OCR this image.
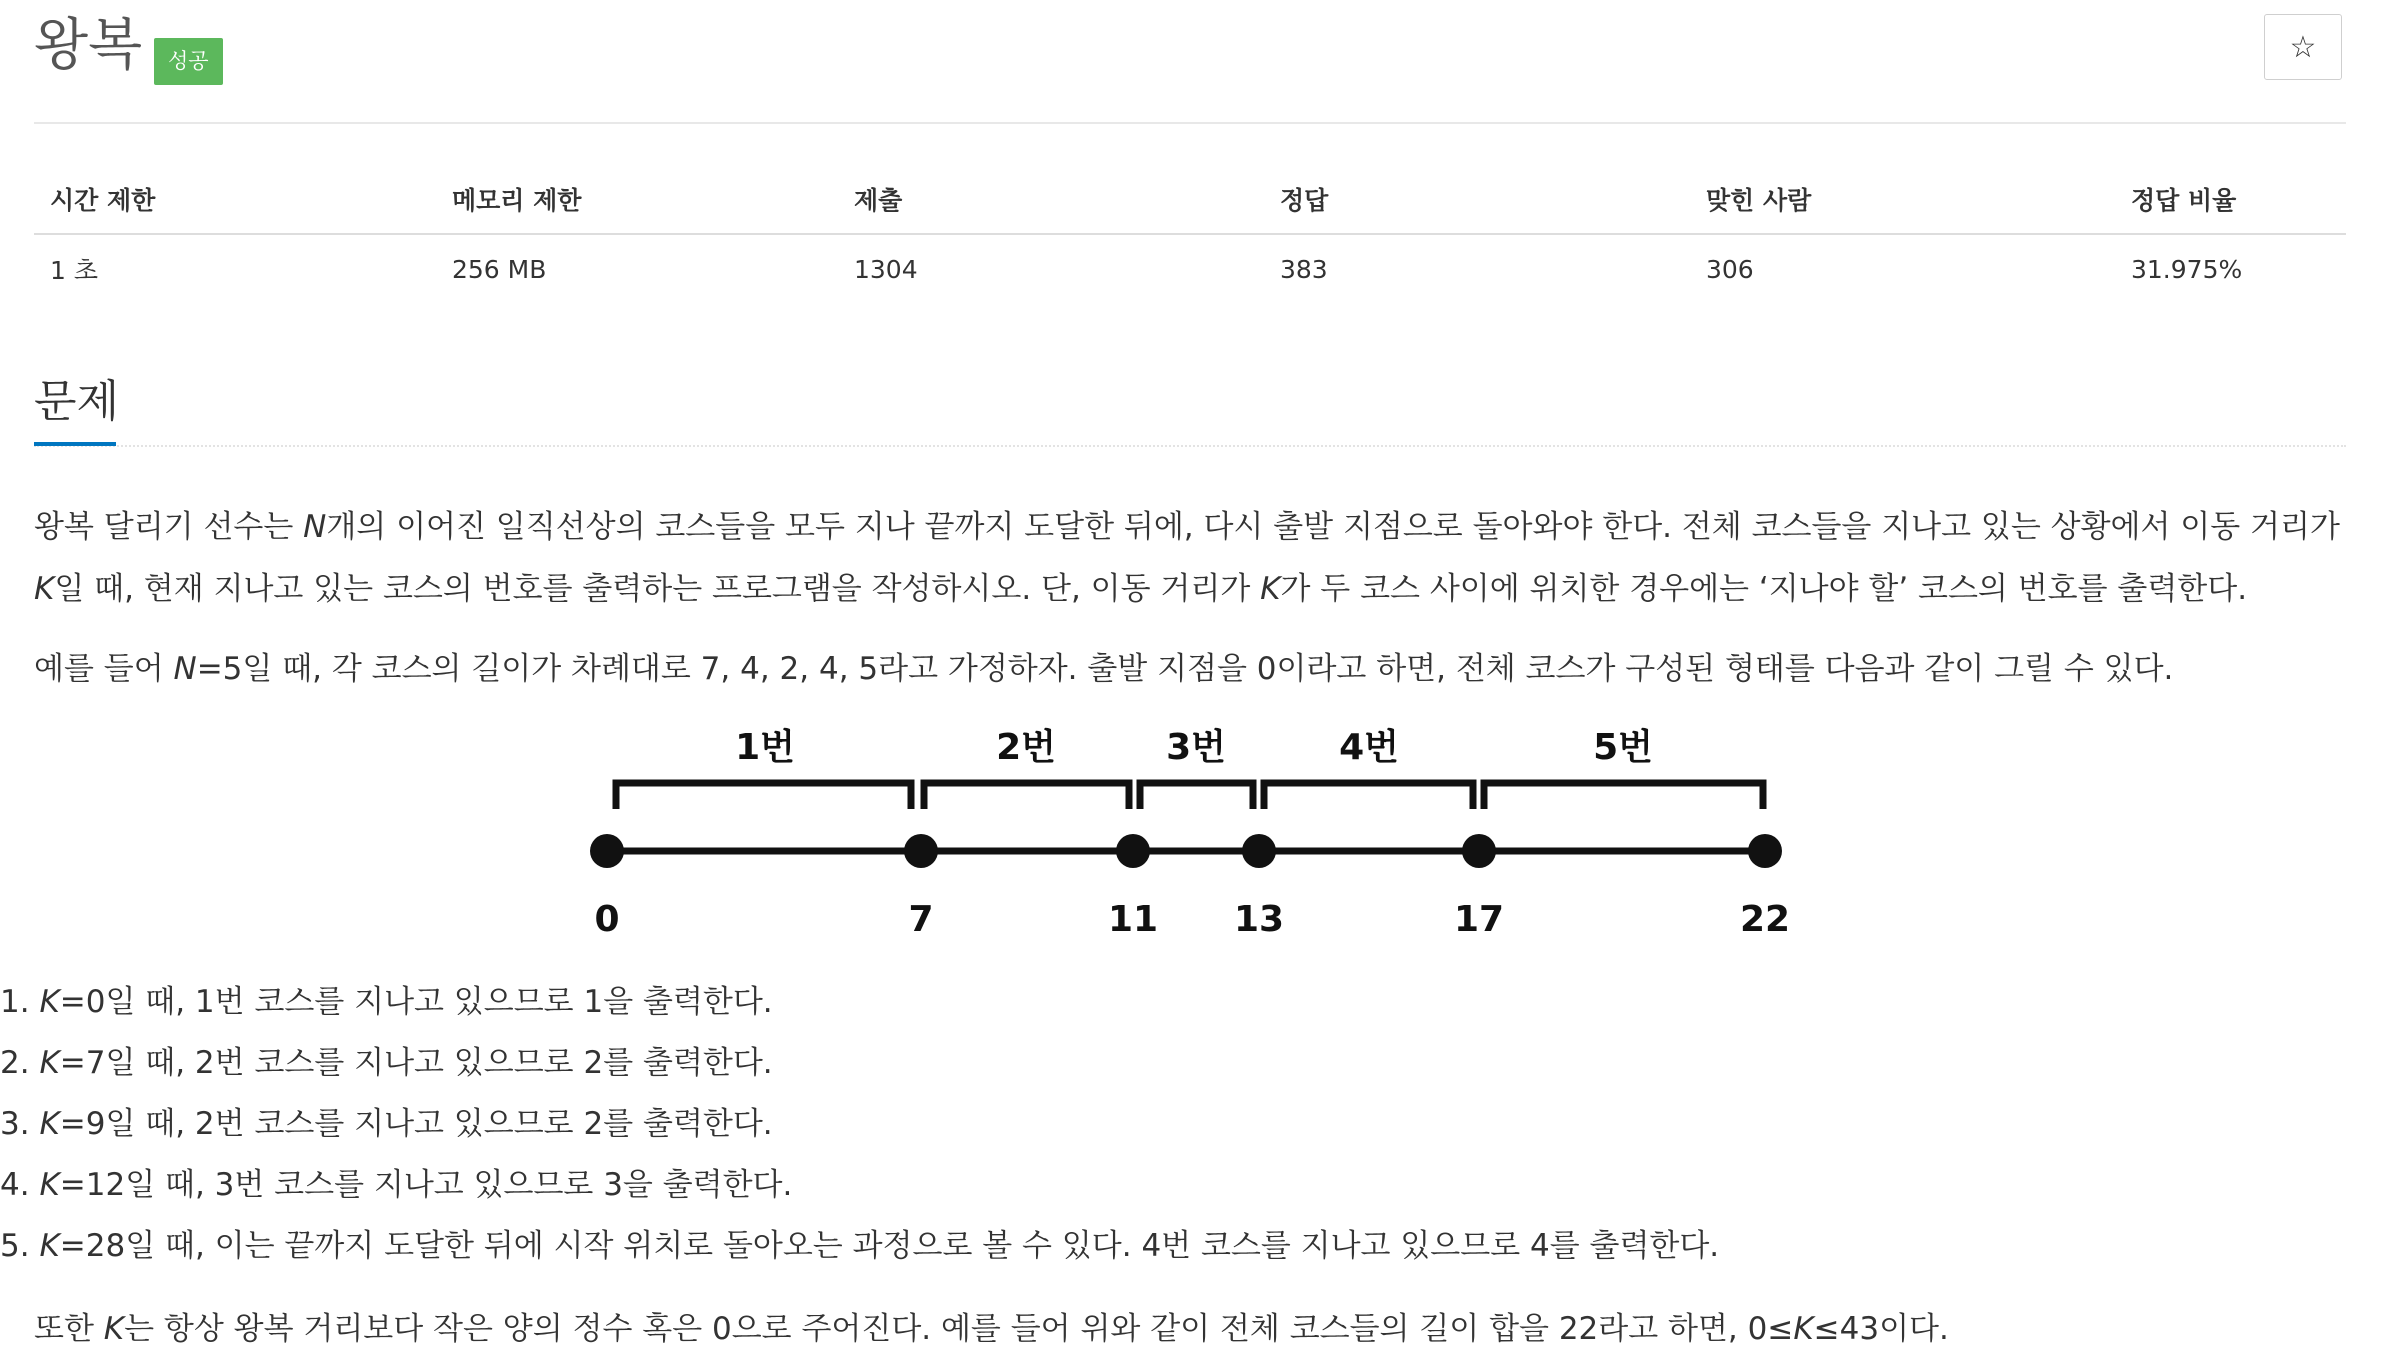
왕복	성공	☆
시간 제한	메모리 제한	제출	정답	맞힌 사람	정답 비율
1 초	256 MB	1304	383	306	31.975%
문제

왕복 달리기 선수는 N개의 이어진 일직선상의 코스들을 모두 지나 끝까지 도달한 뒤에, 다시 출발 지점으로 돌아와야 한다. 전체 코스들을 지나고 있는 상황에서 이동 거리가 K일 때, 현재 지나고 있는 코스의 번호를 출력하는 프로그램을 작성하시오. 단, 이동 거리가 K가 두 코스 사이에 위치한 경우에는 ‘지나야 할’ 코스의 번호를 출력한다.

예를 들어 N=5일 때, 각 코스의 길이가 차례대로 7, 4, 2, 4, 5라고 가정하자. 출발 지점을 0이라고 하면, 전체 코스가 구성된 형태를 다음과 같이 그릴 수 있다.

1번	2번	3번	4번	5번
0	7	11 13	17	22
1. K=0일 때, 1번 코스를 지나고 있으므로 1을 출력한다.
2. K=7일 때, 2번 코스를 지나고 있으므로 2를 출력한다.
3. K=9일 때, 2번 코스를 지나고 있으므로 2를 출력한다.
4. K=12일 때, 3번 코스를 지나고 있으므로 3을 출력한다.
5. K=28일 때, 이는 끝까지 도달한 뒤에 시작 위치로 돌아오는 과정으로 볼 수 있다. 4번 코스를 지나고 있으므로 4를 출력한다.

또한 K는 항상 왕복 거리보다 작은 양의 정수 혹은 0으로 주어진다. 예를 들어 위와 같이 전체 코스들의 길이 합을 22라고 하면, 0≤K≤43이다.
